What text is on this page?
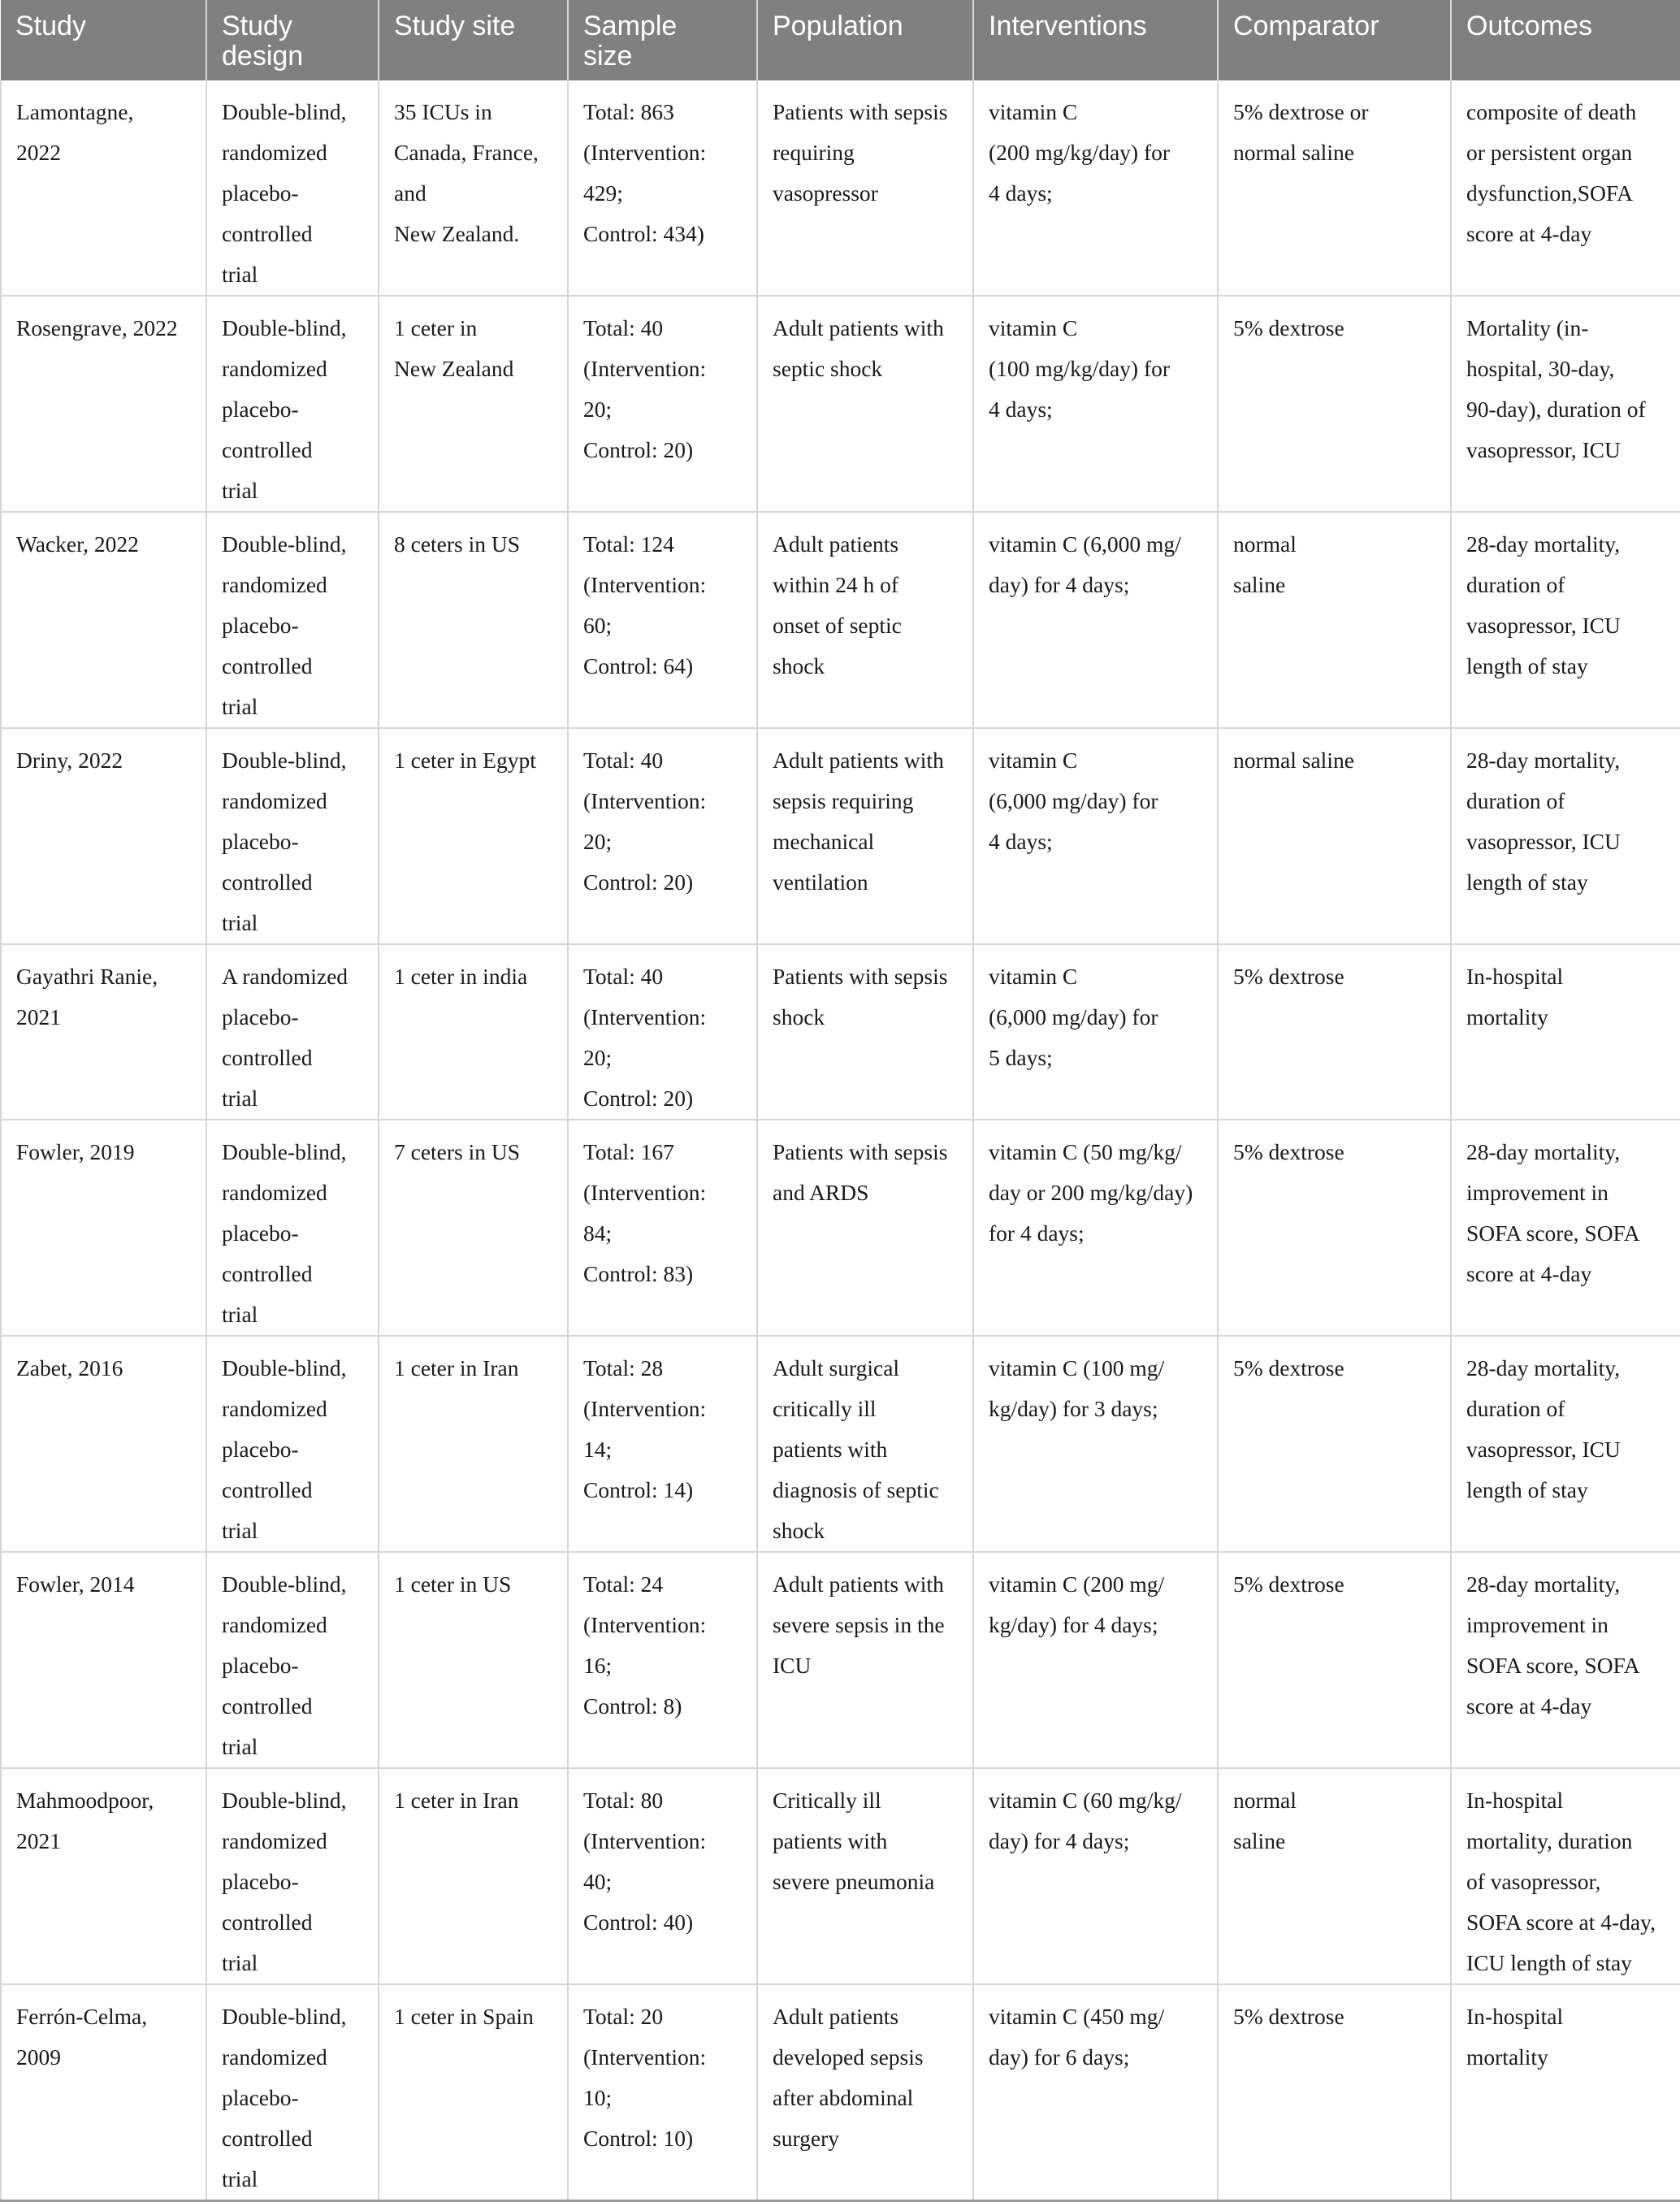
Study	Study
design	Study site	Sample
size	Population	Interventions	Comparator	Outcomes

Lamontagne,
2022	Double-blind,
randomized
placebo-
controlled
trial	35 ICUs in
Canada, France,
and
New Zealand.	Total: 863
(Intervention:
429;
Control: 434)	Patients with sepsis
requiring
vasopressor	vitamin C
(200 mg/kg/day) for
4 days;	5% dextrose or
normal saline	composite of death
or persistent organ
dysfunction,SOFA
score at 4-day

Rosengrave, 2022	Double-blind,
randomized
placebo-
controlled
trial	1 ceter in
New Zealand	Total: 40
(Intervention:
20;
Control: 20)	Adult patients with
septic shock	vitamin C
(100 mg/kg/day) for
4 days;	5% dextrose	Mortality (in-
hospital, 30-day,
90-day), duration of
vasopressor, ICU

Wacker, 2022	Double-blind,
randomized
placebo-
controlled
trial	8 ceters in US	Total: 124
(Intervention:
60;
Control: 64)	Adult patients
within 24 h of
onset of septic
shock	vitamin C (6,000 mg/
day) for 4 days;	normal
saline	28-day mortality,
duration of
vasopressor, ICU
length of stay

Driny, 2022	Double-blind,
randomized
placebo-
controlled
trial	1 ceter in Egypt	Total: 40
(Intervention:
20;
Control: 20)	Adult patients with
sepsis requiring
mechanical
ventilation	vitamin C
(6,000 mg/day) for
4 days;	normal saline	28-day mortality,
duration of
vasopressor, ICU
length of stay

Gayathri Ranie,
2021	A randomized
placebo-
controlled
trial	1 ceter in india	Total: 40
(Intervention:
20;
Control: 20)	Patients with sepsis
shock	vitamin C
(6,000 mg/day) for
5 days;	5% dextrose	In-hospital
mortality

Fowler, 2019	Double-blind,
randomized
placebo-
controlled
trial	7 ceters in US	Total: 167
(Intervention:
84;
Control: 83)	Patients with sepsis
and ARDS	vitamin C (50 mg/kg/
day or 200 mg/kg/day)
for 4 days;	5% dextrose	28-day mortality,
improvement in
SOFA score, SOFA
score at 4-day

Zabet, 2016	Double-blind,
randomized
placebo-
controlled
trial	1 ceter in Iran	Total: 28
(Intervention:
14;
Control: 14)	Adult surgical
critically ill
patients with
diagnosis of septic
shock	vitamin C (100 mg/
kg/day) for 3 days;	5% dextrose	28-day mortality,
duration of
vasopressor, ICU
length of stay

Fowler, 2014	Double-blind,
randomized
placebo-
controlled
trial	1 ceter in US	Total: 24
(Intervention:
16;
Control: 8)	Adult patients with
severe sepsis in the
ICU	vitamin C (200 mg/
kg/day) for 4 days;	5% dextrose	28-day mortality,
improvement in
SOFA score, SOFA
score at 4-day

Mahmoodpoor,
2021	Double-blind,
randomized
placebo-
controlled
trial	1 ceter in Iran	Total: 80
(Intervention:
40;
Control: 40)	Critically ill
patients with
severe pneumonia	vitamin C (60 mg/kg/
day) for 4 days;	normal
saline	In-hospital
mortality, duration
of vasopressor,
SOFA score at 4-day,
ICU length of stay

Ferrón-Celma,
2009	Double-blind,
randomized
placebo-
controlled
trial	1 ceter in Spain	Total: 20
(Intervention:
10;
Control: 10)	Adult patients
developed sepsis
after abdominal
surgery	vitamin C (450 mg/
day) for 6 days;	5% dextrose	In-hospital
mortality
